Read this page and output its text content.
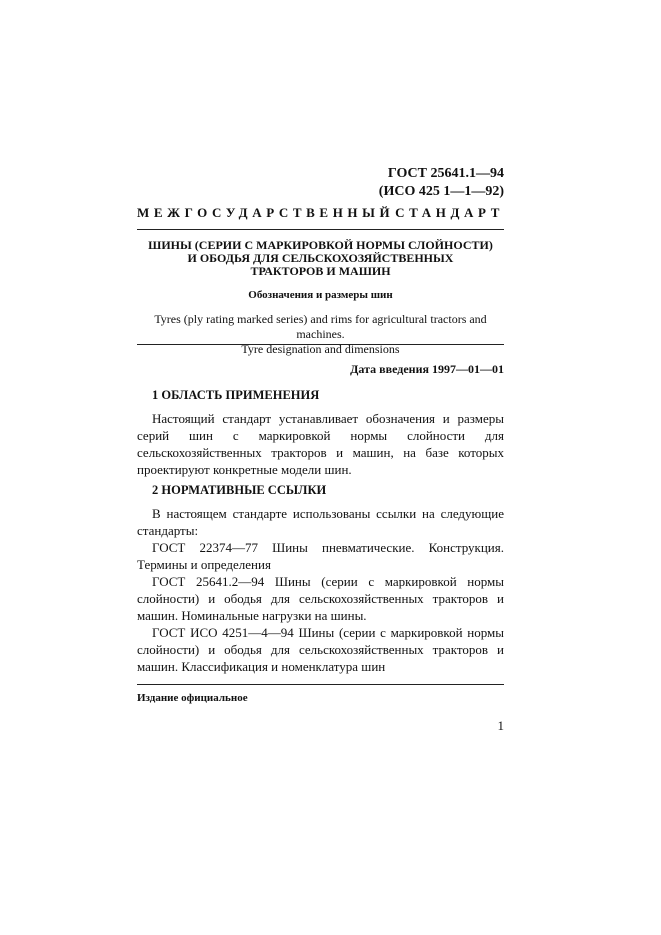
ГОСТ 25641.1—94
(ИСО 425 1—1—92)
МЕЖГОСУДАРСТВЕННЫЙ СТАНДАРТ
ШИНЫ (СЕРИИ С МАРКИРОВКОЙ НОРМЫ СЛОЙНОСТИ)
И ОБОДЬЯ ДЛЯ СЕЛЬСКОХОЗЯЙСТВЕННЫХ
ТРАКТОРОВ И МАШИН
Обозначения и размеры шин
Tyres (ply rating marked series) and rims for agricultural tractors and machines.
Tyre designation and dimensions
Дата введения 1997—01—01
1 ОБЛАСТЬ ПРИМЕНЕНИЯ

Настоящий стандарт устанавливает обозначения и размеры серий шин с маркировкой нормы слойности для сельскохозяйственных тракторов и машин, на базе которых проектируют конкретные модели шин.

2 НОРМАТИВНЫЕ ССЫЛКИ

В настоящем стандарте использованы ссылки на следующие стандарты:

ГОСТ 22374—77 Шины пневматические. Конструкция. Термины и определения

ГОСТ 25641.2—94 Шины (серии с маркировкой нормы слойности) и ободья для сельскохозяйственных тракторов и машин. Номинальные нагрузки на шины.

ГОСТ ИСО 4251—4—94 Шины (серии с маркировкой нормы слойности) и ободья для сельскохозяйственных тракторов и машин. Классификация и номенклатура шин

Издание официальное
1
